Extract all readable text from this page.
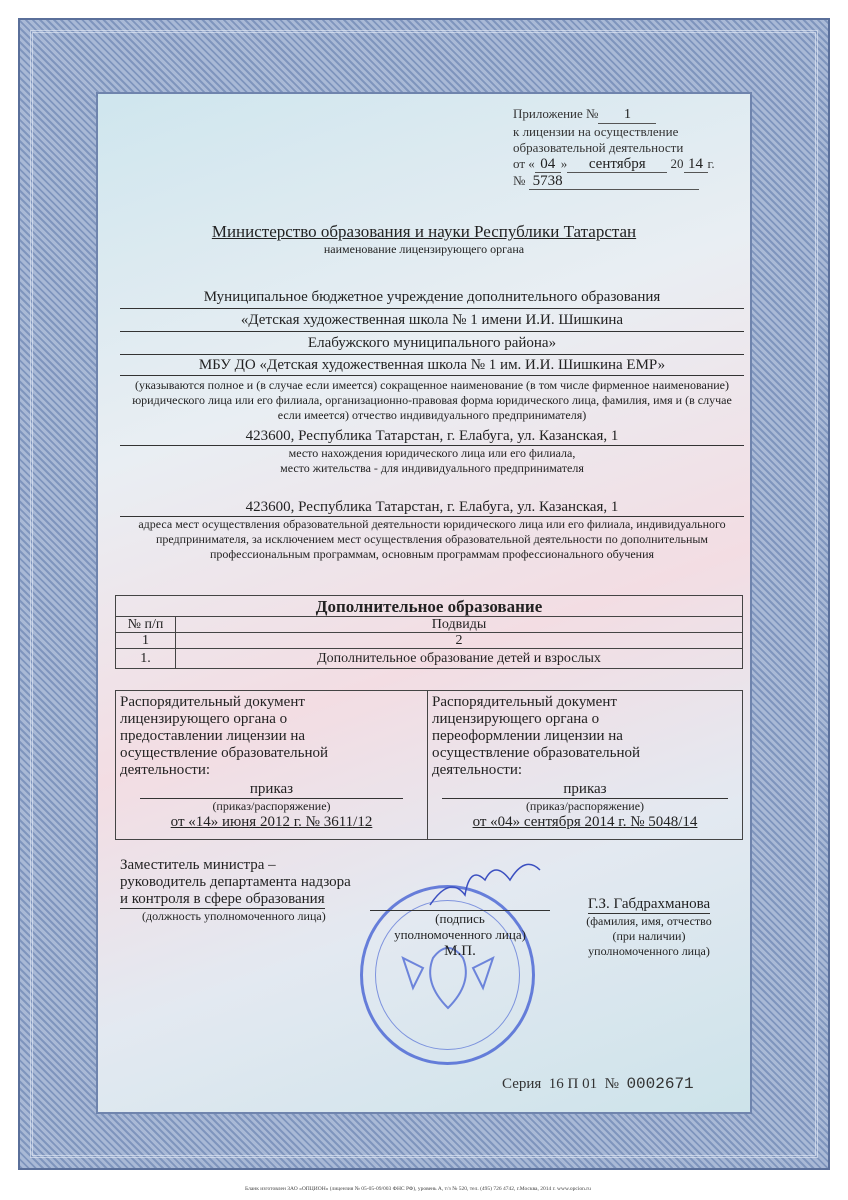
Приложение № 1
к лицензии на осуществление
образовательной деятельности
от « 04 » сентября 20 14 г.
№ 5738
Министерство образования и науки Республики Татарстан
наименование лицензирующего органа
Муниципальное бюджетное учреждение дополнительного образования
«Детская художественная школа № 1 имени И.И. Шишкина
Елабужского муниципального района»
МБУ ДО «Детская художественная школа № 1 им. И.И. Шишкина ЕМР»
(указываются полное и (в случае если имеется) сокращенное наименование (в том числе фирменное наименование) юридического лица или его филиала, организационно-правовая форма юридического лица, фамилия, имя и (в случае если имеется) отчество индивидуального предпринимателя)
423600, Республика Татарстан, г. Елабуга, ул. Казанская, 1
место нахождения юридического лица или его филиала,
место жительства - для индивидуального предпринимателя
423600, Республика Татарстан, г. Елабуга, ул. Казанская, 1
адреса мест осуществления образовательной деятельности юридического лица или его филиала, индивидуального предпринимателя, за исключением мест осуществления образовательной деятельности по дополнительным профессиональным программам, основным программам профессионального обучения
Дополнительное образование	
№ п/п	Подвиды
1	2
1.	Дополнительное образование детей и взрослых
Распорядительный документ лицензирующего органа о предоставлении лицензии на осуществление образовательной деятельности:
приказ
(приказ/распоряжение)
от «14» июня 2012 г. № 3611/12
Распорядительный документ лицензирующего органа о переоформлении лицензии на осуществление образовательной деятельности:
приказ
(приказ/распоряжение)
от «04» сентября 2014 г. № 5048/14
Заместитель министра –
руководитель департамента надзора
и контроля в сфере образования
(должность уполномоченного лица)	(подпись
уполномоченного лица)
М.П.
Г.З. Габдрахманова
(фамилия, имя, отчество
(при наличии)
уполномоченного лица)
Серия 16 П 01 № 0002671
Бланк изготовлен ЗАО «ОПЦИОН» (лицензия № 05-05-09/003 ФНС РФ), уровень А, т/з № 520, тел. (495) 726 4742, г.Москва, 2014 г. www.opcion.ru
